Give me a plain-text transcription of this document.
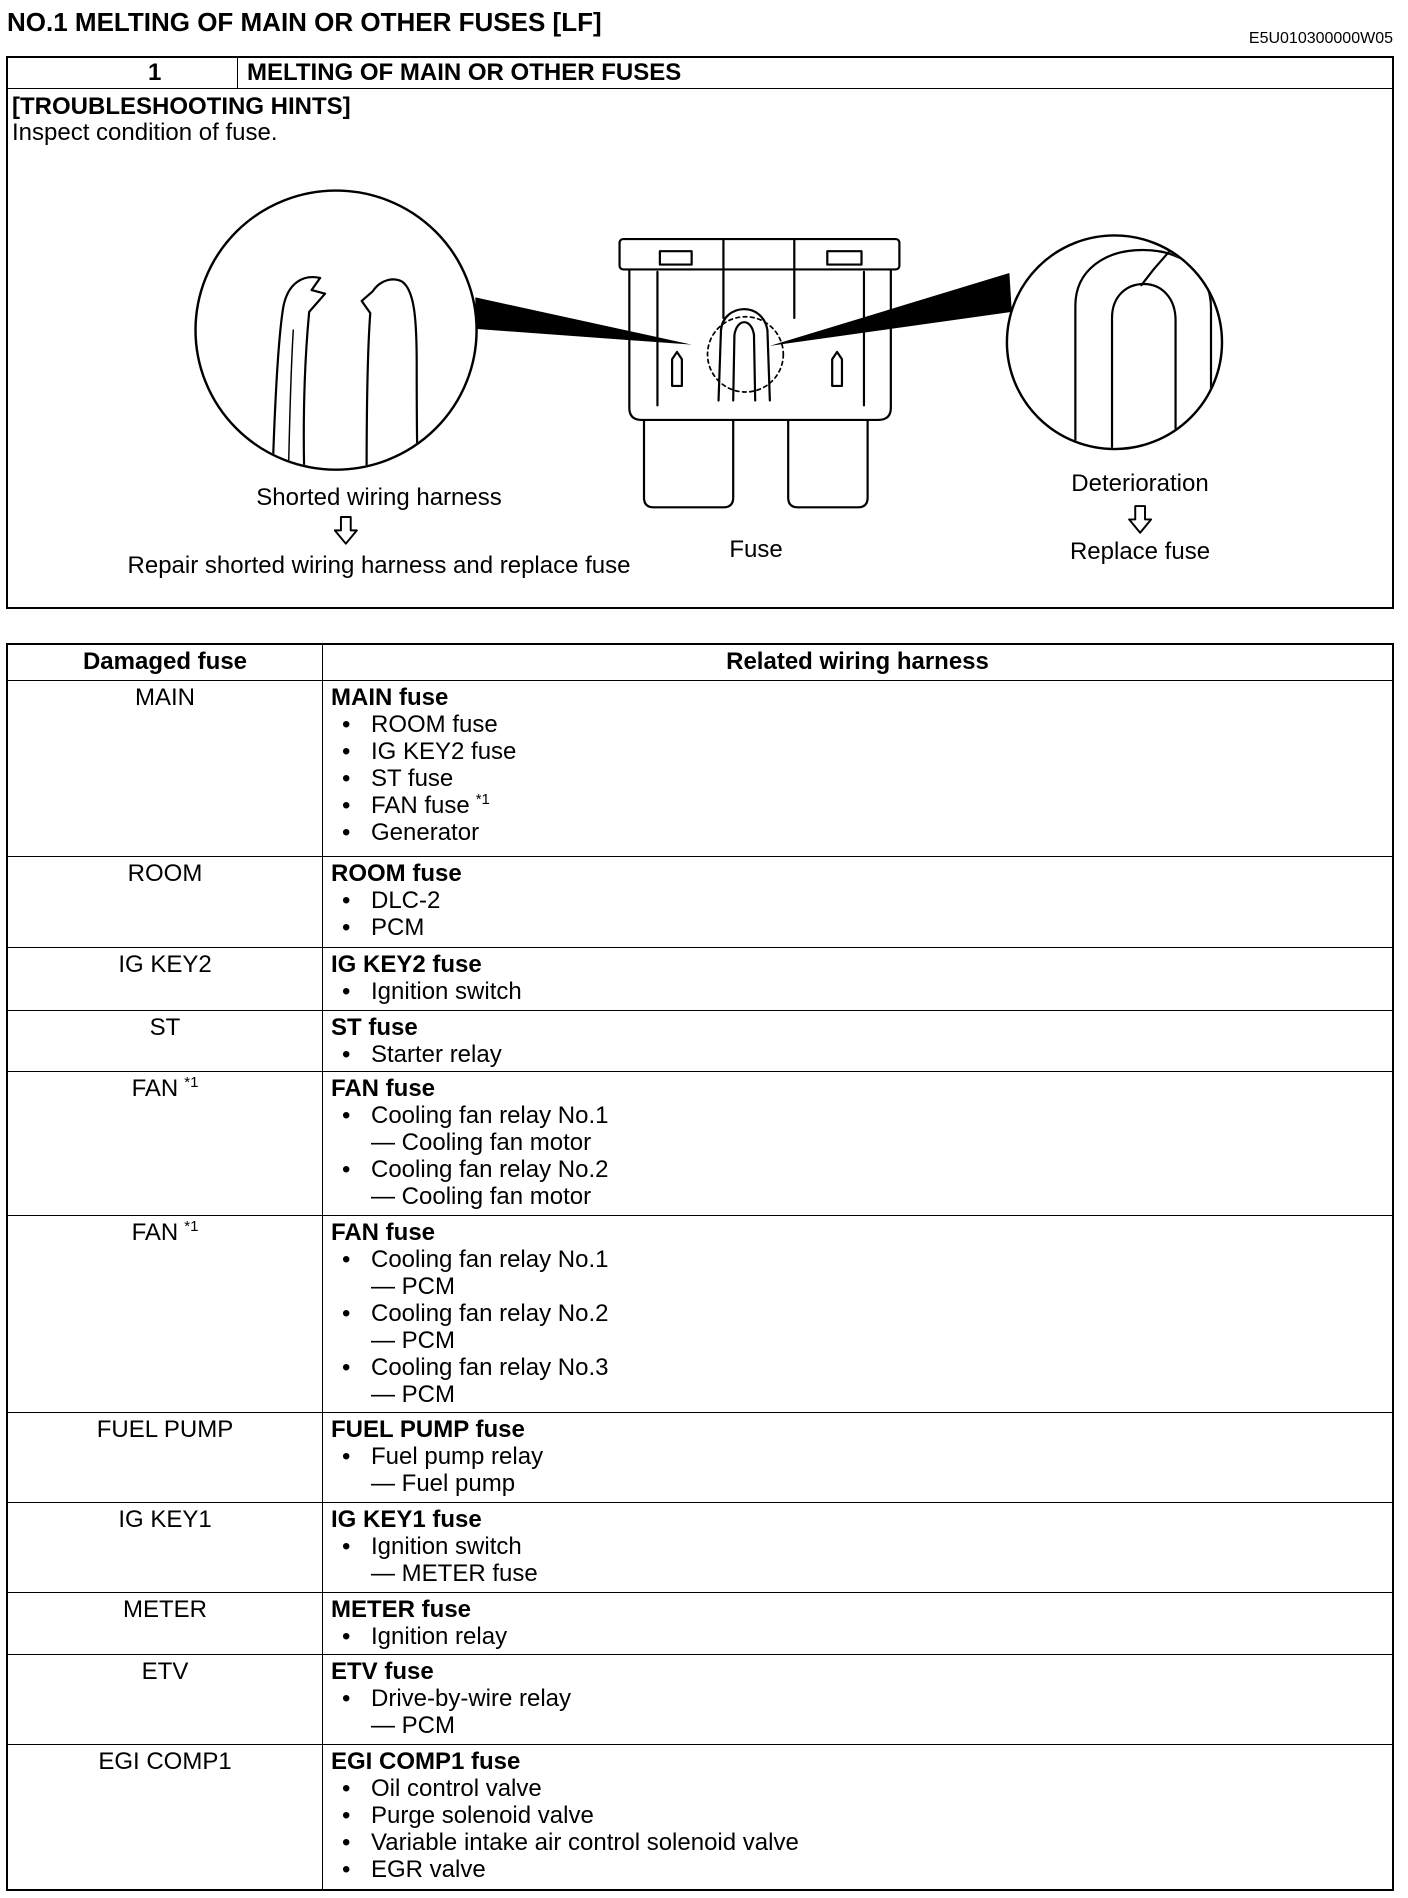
NO.1 MELTING OF MAIN OR OTHER FUSES [LF]
E5U010300000W05
1	MELTING OF MAIN OR OTHER FUSES
[TROUBLESHOOTING HINTS]
Inspect condition of fuse.
Shorted wiring harness
Repair shorted wiring harness and replace fuse
Fuse
Deterioration
Replace fuse
Damaged fuse	Related wiring harness
MAIN	MAIN fuse
• ROOM fuse
• IG KEY2 fuse
• ST fuse
• FAN fuse $^{*1}$
• Generator
ROOM	ROOM fuse
• DLC-2
• PCM
IG KEY2	IG KEY2 fuse
• Ignition switch
ST	ST fuse
• Starter relay
FAN $^{*1}$	FAN fuse
• Cooling fan relay No.1
— Cooling fan motor
• Cooling fan relay No.2
— Cooling fan motor
FAN $^{*1}$	FAN fuse
• Cooling fan relay No.1
— PCM
• Cooling fan relay No.2
— PCM
• Cooling fan relay No.3
— PCM
FUEL PUMP	FUEL PUMP fuse
• Fuel pump relay
— Fuel pump
IG KEY1	IG KEY1 fuse
• Ignition switch
— METER fuse
METER	METER fuse
• Ignition relay
ETV	ETV fuse
• Drive-by-wire relay
— PCM
EGI COMP1	EGI COMP1 fuse
• Oil control valve
• Purge solenoid valve
• Variable intake air control solenoid valve
• EGR valve
